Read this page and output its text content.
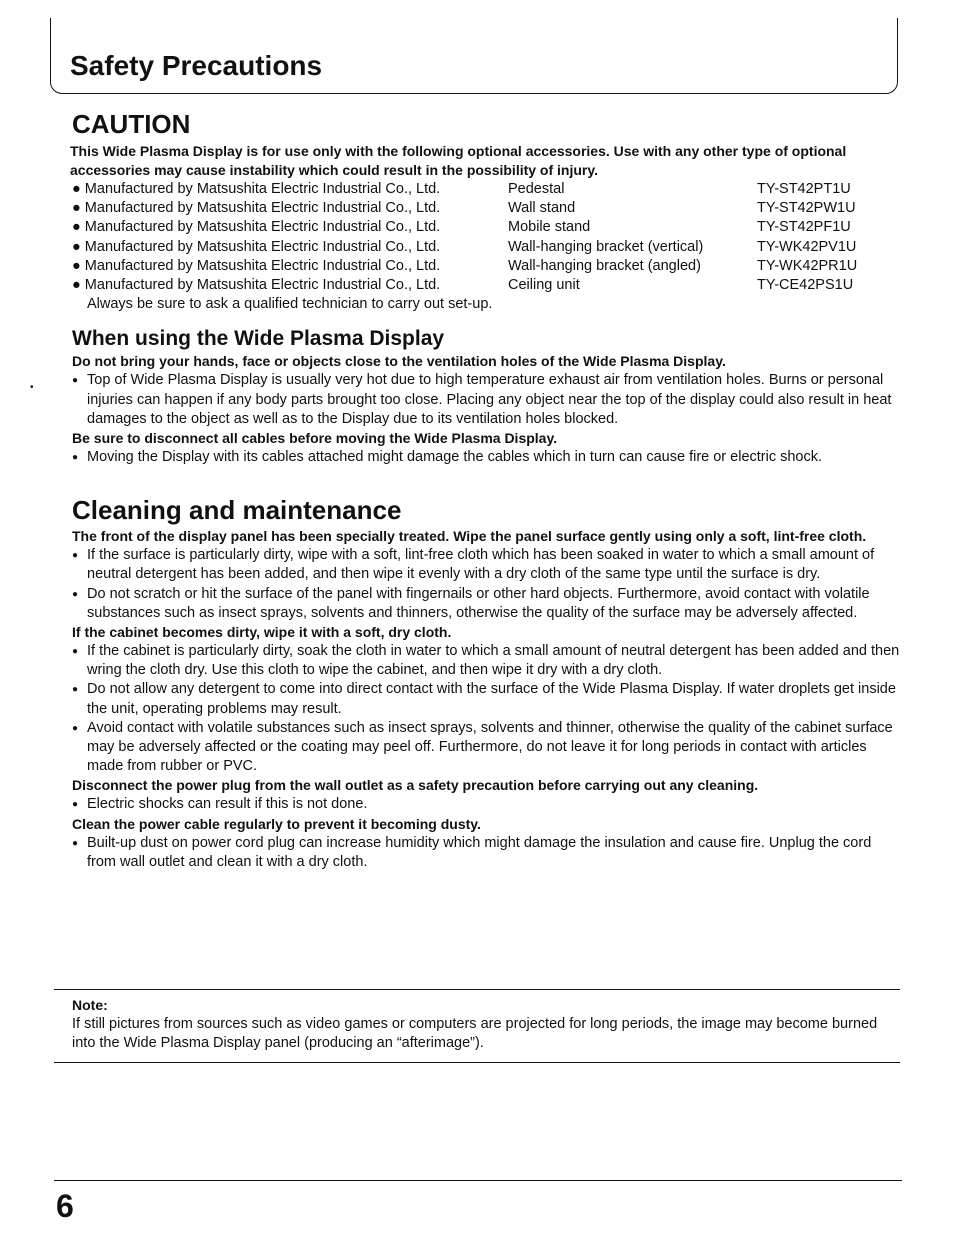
Safety Precautions
•
CAUTION

This Wide Plasma Display is for use only with the following optional accessories. Use with any other type of optional accessories may cause instability which could result in the possibility of injury.

● Manufactured by Matsushita Electric Industrial Co., Ltd.	Pedestal	TY-ST42PT1U
● Manufactured by Matsushita Electric Industrial Co., Ltd.	Wall stand	TY-ST42PW1U
● Manufactured by Matsushita Electric Industrial Co., Ltd.	Mobile stand	TY-ST42PF1U
● Manufactured by Matsushita Electric Industrial Co., Ltd.	Wall-hanging bracket (vertical)	TY-WK42PV1U
● Manufactured by Matsushita Electric Industrial Co., Ltd.	Wall-hanging bracket (angled)	TY-WK42PR1U
● Manufactured by Matsushita Electric Industrial Co., Ltd.	Ceiling unit	TY-CE42PS1U

Always be sure to ask a qualified technician to carry out set-up.

When using the Wide Plasma Display

Do not bring your hands, face or objects close to the ventilation holes of the Wide Plasma Display.

● Top of Wide Plasma Display is usually very hot due to high temperature exhaust air from ventilation holes. Burns or personal injuries can happen if any body parts brought too close. Placing any object near the top of the display could also result in heat damages to the object as well as to the Display due to its ventilation holes blocked.

Be sure to disconnect all cables before moving the Wide Plasma Display.

● Moving the Display with its cables attached might damage the cables which in turn can cause fire or electric shock.

Cleaning and maintenance

The front of the display panel has been specially treated. Wipe the panel surface gently using only a soft, lint-free cloth.

● If the surface is particularly dirty, wipe with a soft, lint-free cloth which has been soaked in water to which a small amount of neutral detergent has been added, and then wipe it evenly with a dry cloth of the same type until the surface is dry.

● Do not scratch or hit the surface of the panel with fingernails or other hard objects. Furthermore, avoid contact with volatile substances such as insect sprays, solvents and thinners, otherwise the quality of the surface may be adversely affected.

If the cabinet becomes dirty, wipe it with a soft, dry cloth.

● If the cabinet is particularly dirty, soak the cloth in water to which a small amount of neutral detergent has been added and then wring the cloth dry. Use this cloth to wipe the cabinet, and then wipe it dry with a dry cloth.

● Do not allow any detergent to come into direct contact with the surface of the Wide Plasma Display. If water droplets get inside the unit, operating problems may result.

● Avoid contact with volatile substances such as insect sprays, solvents and thinner, otherwise the quality of the cabinet surface may be adversely affected or the coating may peel off. Furthermore, do not leave it for long periods in contact with articles made from rubber or PVC.

Disconnect the power plug from the wall outlet as a safety precaution before carrying out any cleaning.

● Electric shocks can result if this is not done.

Clean the power cable regularly to prevent it becoming dusty.

● Built-up dust on power cord plug can increase humidity which might damage the insulation and cause fire. Unplug the cord from wall outlet and clean it with a dry cloth.

Note:

If still pictures from sources such as video games or computers are projected for long periods, the image may become burned into the Wide Plasma Display panel (producing an “afterimage”).

6
